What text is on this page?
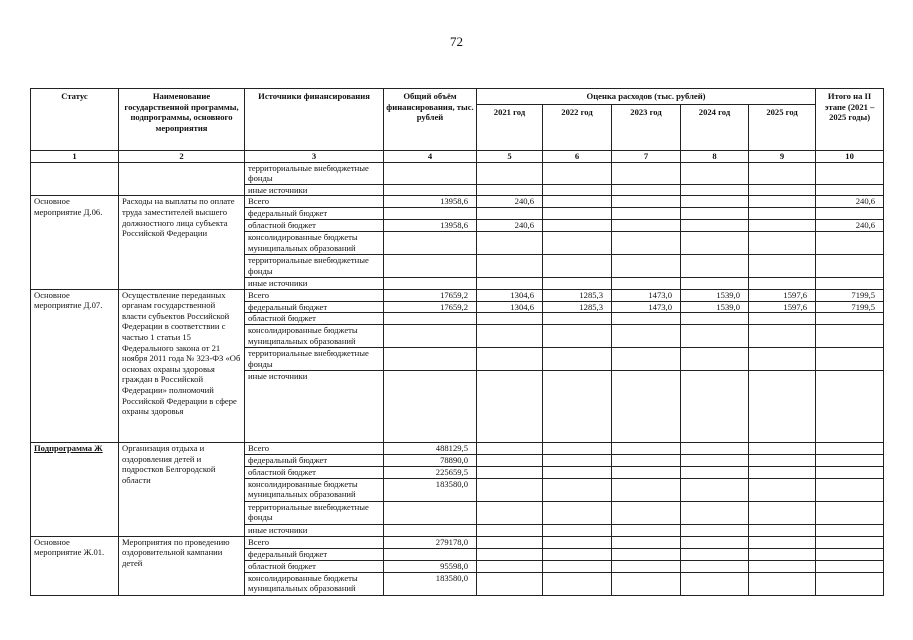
72
Статус	Наименование государственной программы, подпрограммы, основного мероприятия	Источники финансирования	Общий объём финансирования, тыс. рублей	Оценка расходов (тыс. рублей)					Итого на II этапе (2021 – 2025 годы)
				2021 год	2022 год	2023 год	2024 год	2025 год	
1	2	3	4	5	6	7	8	9	10
		территориальные внебюджетные фонды							
		иные источники							
Основное мероприятие Д.06.	Расходы на выплаты по оплате труда заместителей высшего должностного лица субъекта Российской Федерации	Всего	13958,6	240,6					240,6
		федеральный бюджет							
		областной бюджет	13958,6	240,6					240,6
		консолидированные бюджеты муниципальных образований							
		территориальные внебюджетные фонды							
		иные источники							
Основное мероприятие Д.07.	Осуществление переданных органам государственной власти субъектов Российской Федерации в соответствии с частью 1 статьи 15 Федерального закона от 21 ноября 2011 года № 323-ФЗ «Об основах охраны здоровья граждан в Российской Федерации» полномочий Российской Федерации в сфере охраны здоровья	Всего	17659,2	1304,6	1285,3	1473,0	1539,0	1597,6	7199,5
		федеральный бюджет	17659,2	1304,6	1285,3	1473,0	1539,0	1597,6	7199,5
		областной бюджет							
		консолидированные бюджеты муниципальных образований							
		территориальные внебюджетные фонды							
		иные источники							
Подпрограмма Ж	Организация отдыха и оздоровления детей и подростков Белгородской области	Всего	488129,5						
		федеральный бюджет	78890,0						
		областной бюджет	225659,5						
		консолидированные бюджеты муниципальных образований	183580,0						
		территориальные внебюджетные фонды							
		иные источники							
Основное мероприятие Ж.01.	Мероприятия по проведению оздоровительной кампании детей	Всего	279178,0						
		федеральный бюджет							
		областной бюджет	95598,0						
		консолидированные бюджеты муниципальных образований	183580,0						
